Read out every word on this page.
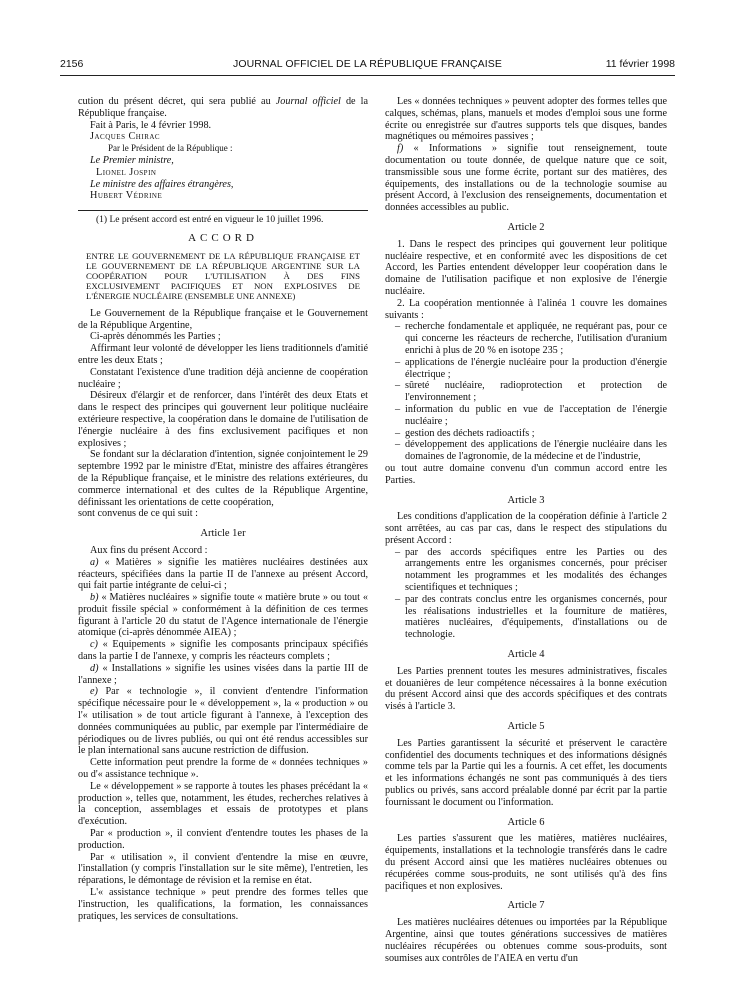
2156	JOURNAL OFFICIEL DE LA RÉPUBLIQUE FRANÇAISE	11 février 1998

cution du présent décret, qui sera publié au Journal officiel de la République française.

Fait à Paris, le 4 février 1998.

Jacques Chirac

Par le Président de la République :

Le Premier ministre,

Lionel Jospin

Le ministre des affaires étrangères,

Hubert Védrine

(1) Le présent accord est entré en vigueur le 10 juillet 1996.

ACCORD
ENTRE LE GOUVERNEMENT DE LA RÉPUBLIQUE FRANÇAISE ET LE GOUVERNEMENT DE LA RÉPUBLIQUE ARGENTINE SUR LA COOPÉRATION POUR L'UTILISATION À DES FINS EXCLUSIVEMENT PACIFIQUES ET NON EXPLOSIVES DE L'ÉNERGIE NUCLÉAIRE (ENSEMBLE UNE ANNEXE)

Le Gouvernement de la République française et le Gouvernement de la République Argentine,

Ci-après dénommés les Parties ;

Affirmant leur volonté de développer les liens traditionnels d'amitié entre les deux Etats ;

Constatant l'existence d'une tradition déjà ancienne de coopération nucléaire ;

Désireux d'élargir et de renforcer, dans l'intérêt des deux Etats et dans le respect des principes qui gouvernent leur politique nucléaire extérieure respective, la coopération dans le domaine de l'utilisation de l'énergie nucléaire à des fins exclusivement pacifiques et non explosives ;

Se fondant sur la déclaration d'intention, signée conjointement le 29 septembre 1992 par le ministre d'Etat, ministre des affaires étrangères de la République française, et le ministre des relations extérieures, du commerce international et des cultes de la République Argentine, définissant les orientations de cette coopération,

sont convenus de ce qui suit :

Article 1er

Aux fins du présent Accord :

a) « Matières » signifie les matières nucléaires destinées aux réacteurs, spécifiées dans la partie II de l'annexe au présent Accord, qui fait partie intégrante de celui-ci ;

b) « Matières nucléaires » signifie toute « matière brute » ou tout « produit fissile spécial » conformément à la définition de ces termes figurant à l'article 20 du statut de l'Agence internationale de l'énergie atomique (ci-après dénommée AIEA) ;

c) « Equipements » signifie les composants principaux spécifiés dans la partie I de l'annexe, y compris les réacteurs complets ;

d) « Installations » signifie les usines visées dans la partie III de l'annexe ;

e) Par « technologie », il convient d'entendre l'information spécifique nécessaire pour le « développement », la « production » ou l'« utilisation » de tout article figurant à l'annexe, à l'exception des données communiquées au public, par exemple par l'intermédiaire de périodiques ou de livres publiés, ou qui ont été rendus accessibles sur le plan international sans aucune restriction de diffusion.

Cette information peut prendre la forme de « données techniques » ou d'« assistance technique ».

Le « développement » se rapporte à toutes les phases précédant la « production », telles que, notamment, les études, recherches relatives à la conception, assemblages et essais de prototypes et plans d'exécution.

Par « production », il convient d'entendre toutes les phases de la production.

Par « utilisation », il convient d'entendre la mise en œuvre, l'installation (y compris l'installation sur le site même), l'entretien, les réparations, le démontage de révision et la remise en état.

L'« assistance technique » peut prendre des formes telles que l'instruction, les qualifications, la formation, les connaissances pratiques, les services de consultations.

Les « données techniques » peuvent adopter des formes telles que calques, schémas, plans, manuels et modes d'emploi sous une forme écrite ou enregistrée sur d'autres supports tels que disques, bandes magnétiques ou mémoires passives ;

f) « Informations » signifie tout renseignement, toute documentation ou toute donnée, de quelque nature que ce soit, transmissible sous une forme écrite, portant sur des matières, des équipements, des installations ou de la technologie soumise au présent Accord, à l'exclusion des renseignements, documentation et données accessibles au public.

Article 2

1. Dans le respect des principes qui gouvernent leur politique nucléaire respective, et en conformité avec les dispositions de cet Accord, les Parties entendent développer leur coopération dans le domaine de l'utilisation pacifique et non explosive de l'énergie nucléaire.

2. La coopération mentionnée à l'alinéa 1 couvre les domaines suivants :

– recherche fondamentale et appliquée, ne requérant pas, pour ce qui concerne les réacteurs de recherche, l'utilisation d'uranium enrichi à plus de 20 % en isotope 235 ;
– applications de l'énergie nucléaire pour la production d'énergie électrique ;
– sûreté nucléaire, radioprotection et protection de l'environnement ;
– information du public en vue de l'acceptation de l'énergie nucléaire ;
– gestion des déchets radioactifs ;
– développement des applications de l'énergie nucléaire dans les domaines de l'agronomie, de la médecine et de l'industrie,

ou tout autre domaine convenu d'un commun accord entre les Parties.

Article 3

Les conditions d'application de la coopération définie à l'article 2 sont arrêtées, au cas par cas, dans le respect des stipulations du présent Accord :

– par des accords spécifiques entre les Parties ou des arrangements entre les organismes concernés, pour préciser notamment les programmes et les modalités des échanges scientifiques et techniques ;
– par des contrats conclus entre les organismes concernés, pour les réalisations industrielles et la fourniture de matières, matières nucléaires, d'équipements, d'installations ou de technologie.
Article 4

Les Parties prennent toutes les mesures administratives, fiscales et douanières de leur compétence nécessaires à la bonne exécution du présent Accord ainsi que des accords spécifiques et des contrats visés à l'article 3.

Article 5

Les Parties garantissent la sécurité et préservent le caractère confidentiel des documents techniques et des informations désignés comme tels par la Partie qui les a fournis. A cet effet, les documents et les informations échangés ne sont pas communiqués à des tiers publics ou privés, sans accord préalable donné par écrit par la partie fournissant le document ou l'information.

Article 6

Les parties s'assurent que les matières, matières nucléaires, équipements, installations et la technologie transférés dans le cadre du présent Accord ainsi que les matières nucléaires obtenues ou récupérées comme sous-produits, ne sont utilisés qu'à des fins pacifiques et non explosives.

Article 7

Les matières nucléaires détenues ou importées par la République Argentine, ainsi que toutes générations successives de matières nucléaires récupérées ou obtenues comme sous-produits, sont soumises aux contrôles de l'AIEA en vertu d'un
